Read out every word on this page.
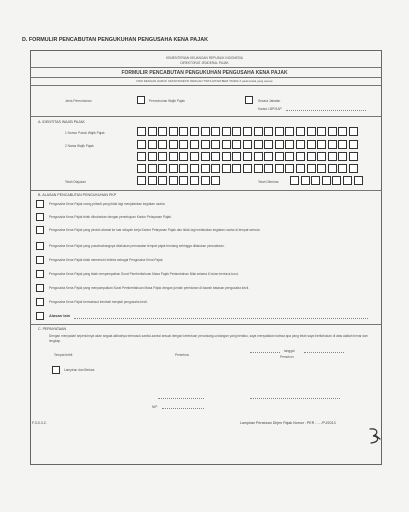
D. FORMULIR PENCABUTAN PENGUKUHAN PENGUSAHA KENA PAJAK
KEMENTERIAN KEUANGAN REPUBLIK INDONESIA
DIREKTORAT JENDERAL PAJAK
FORMULIR PENCABUTAN PENGUKUHAN PENGUSAHA KENA PAJAK
DIISI DENGAN HURUF CETAK/DIKETIK DENGAN TINTA HITAM BERI TANDA X pada kotak yang sesuai
Jenis Permohonan	Permohonan Wajib Pajak	Secara Jabatan
Kantor LBP/SAP
A. IDENTITAS WAJIB PAJAK
1 Nomor Pokok Wajib Pajak
2 Nama Wajib Pajak
Telah Diajukan	Telah Diterima
B. ALASAN PENCABUTAN PENGUKUHAN PKP
Pengusaha Kena Pajak orang pribadi yang tidak lagi menjalankan kegiatan usaha.
Pengusaha Kena Pajak telah dibubarkan dengan persetujuan Kantor Pelayanan Pajak.
Pengusaha Kena Pajak yang pindah alamat ke luar wilayah kerja Kantor Pelayanan Pajak dan tidak lagi melakukan kegiatan usaha di tempat semula.
Pengusaha Kena Pajak yang pusat/cabangnya dilakukan pemusatan tempat pajak terutang sehingga dilakukan pencabutan.
Pengusaha Kena Pajak tidak memenuhi kriteria sebagai Pengusaha Kena Pajak.
Pengusaha Kena Pajak yang tidak menyampaikan Surat Pemberitahuan Masa Pajak Pertambahan Nilai selama 6 bulan berturut-turut.
Pengusaha Kena Pajak yang menyampaikan Surat Pemberitahuan Masa Pajak dengan jumlah peredaran di bawah batasan pengusaha kecil.
Pengusaha Kena Pajak bermaksud kembali menjadi pengusaha kecil.
Alasan lain
C. PERNYATAAN
Dengan menyadari sepenuhnya akan segala akibatnya termasuk sanksi-sanksi sesuai dengan ketentuan perundang-undangan yang berlaku, saya menyatakan bahwa apa yang telah saya beritahukan di atas adalah benar dan lengkap.
tanggal
Tempat terbit	Penerima	Pemohon
Lampiran dan Berkas
NIP
F.3.0.3.2.	Lampiran Peraturan Dirjen Pajak Nomor : PER - ... /PJ/2013
